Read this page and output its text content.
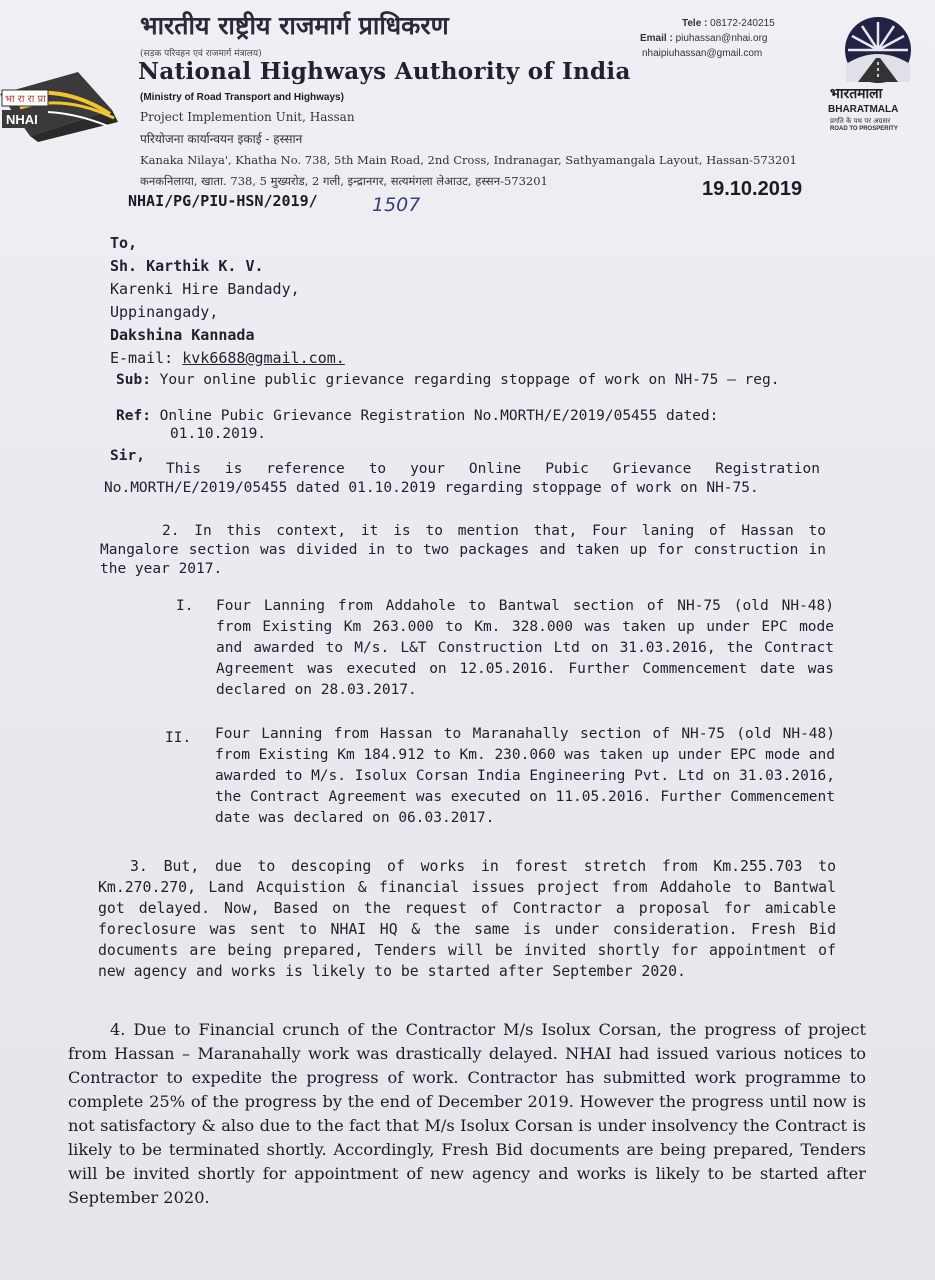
भा रा रा प्रा
NHAI
भारतीय राष्ट्रीय राजमार्ग प्राधिकरण
(सड़क परिवहन एवं राजमार्ग मंत्रालय)
National Highways Authority of India
(Ministry of Road Transport and Highways)
Project Implemention Unit, Hassan
परियोजना कार्यान्वयन इकाई - हस्सान
Kanaka Nilaya', Khatha No. 738, 5th Main Road, 2nd Cross, Indranagar, Sathyamangala Layout, Hassan-573201
कनकनिलाया, खाता. 738, 5 मुख्यरोड, 2 गली, इन्द्रानगर, सत्यमंगला लेआउट, हस्सन-573201
Tele : 08172-240215
Email : piuhassan@nhai.org
nhaipiuhassan@gmail.com
भारतमाला
BHARATMALA
प्रगति के पथ पर अग्रसर
ROAD TO PROSPERITY
NHAI/PG/PIU-HSN/2019/	1507
19.10.2019
To,
Sh. Karthik K. V.
Karenki Hire Bandady,
Uppinangady,
Dakshina Kannada
E-mail: kvk6688@gmail.com.
Sub: Your online public grievance regarding stoppage of work on NH-75 – reg.
Ref: Online Pubic Grievance Registration No.MORTH/E/2019/05455 dated:
01.10.2019.
Sir,
This is reference to your Online Pubic Grievance Registration No.MORTH/E/2019/05455 dated 01.10.2019 regarding stoppage of work on NH-75.
2. In this context, it is to mention that, Four laning of Hassan to Mangalore section was divided in to two packages and taken up for construction in the year 2017.
I. Four Lanning from Addahole to Bantwal section of NH-75 (old NH-48) from Existing Km 263.000 to Km. 328.000 was taken up under EPC mode and awarded to M/s. L&T Construction Ltd on 31.03.2016, the Contract Agreement was executed on 12.05.2016. Further Commencement date was declared on 28.03.2017.
II. Four Lanning from Hassan to Maranahally section of NH-75 (old NH-48) from Existing Km 184.912 to Km. 230.060 was taken up under EPC mode and awarded to M/s. Isolux Corsan India Engineering Pvt. Ltd on 31.03.2016, the Contract Agreement was executed on 11.05.2016. Further Commencement date was declared on 06.03.2017.
3. But, due to descoping of works in forest stretch from Km.255.703 to Km.270.270, Land Acquistion & financial issues project from Addahole to Bantwal got delayed. Now, Based on the request of Contractor a proposal for amicable foreclosure was sent to NHAI HQ & the same is under consideration. Fresh Bid documents are being prepared, Tenders will be invited shortly for appointment of new agency and works is likely to be started after September 2020.
4. Due to Financial crunch of the Contractor M/s Isolux Corsan, the progress of project from Hassan – Maranahally work was drastically delayed. NHAI had issued various notices to Contractor to expedite the progress of work. Contractor has submitted work programme to complete 25% of the progress by the end of December 2019. However the progress until now is not satisfactory & also due to the fact that M/s Isolux Corsan is under insolvency the Contract is likely to be terminated shortly. Accordingly, Fresh Bid documents are being prepared, Tenders will be invited shortly for appointment of new agency and works is likely to be started after September 2020.
